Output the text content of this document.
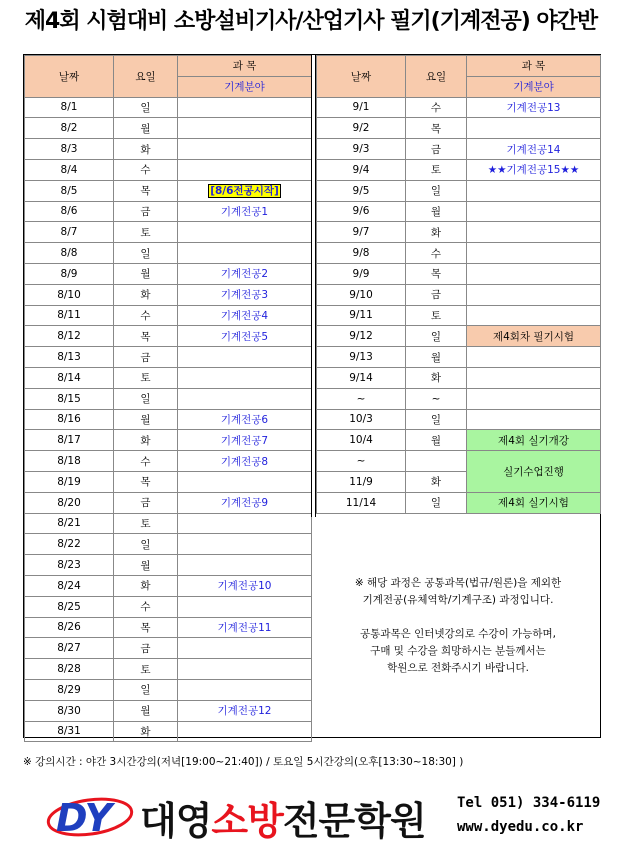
제4회 시험대비 소방설비기사/산업기사 필기(기계전공) 야간반
날짜	요일	과 목
		기계분야
8/1	일	
8/2	월	
8/3	화	
8/4	수	
8/5	목	[8/6전공시작]
8/6	금	기계전공1
8/7	토	
8/8	일	
8/9	월	기계전공2
8/10	화	기계전공3
8/11	수	기계전공4
8/12	목	기계전공5
8/13	금	
8/14	토	
8/15	일	
8/16	월	기계전공6
8/17	화	기계전공7
8/18	수	기계전공8
8/19	목	
8/20	금	기계전공9
8/21	토	
8/22	일	
8/23	월	
8/24	화	기계전공10
8/25	수	
8/26	목	기계전공11
8/27	금	
8/28	토	
8/29	일	
8/30	월	기계전공12
8/31	화	
날짜	요일	과 목
		기계분야
9/1	수	기계전공13
9/2	목	
9/3	금	기계전공14
9/4	토	★★기계전공15★★
9/5	일	
9/6	월	
9/7	화	
9/8	수	
9/9	목	
9/10	금	
9/11	토	
9/12	일	제4회차 필기시험
9/13	월	
9/14	화	
~	~	
10/3	일	
10/4	월	제4회 실기개강
~		실기수업진행
11/9	화	
11/14	일	제4회 실기시험

※ 해당 과정은 공통과목(법규/원론)을 제외한

기계전공(유체역학/기계구조) 과정입니다.

공통과목은 인터넷강의로 수강이 가능하며,

구매 및 수강을 희망하시는 분들께서는

학원으로 전화주시기 바랍니다.

※ 강의시간 : 야간 3시간강의(저녁[19:00~21:40]) / 토요일 5시간강의(오후[13:30~18:30] )
DY 대영소방전문학원 Tel 051) 334-6119
www.dyedu.co.kr
